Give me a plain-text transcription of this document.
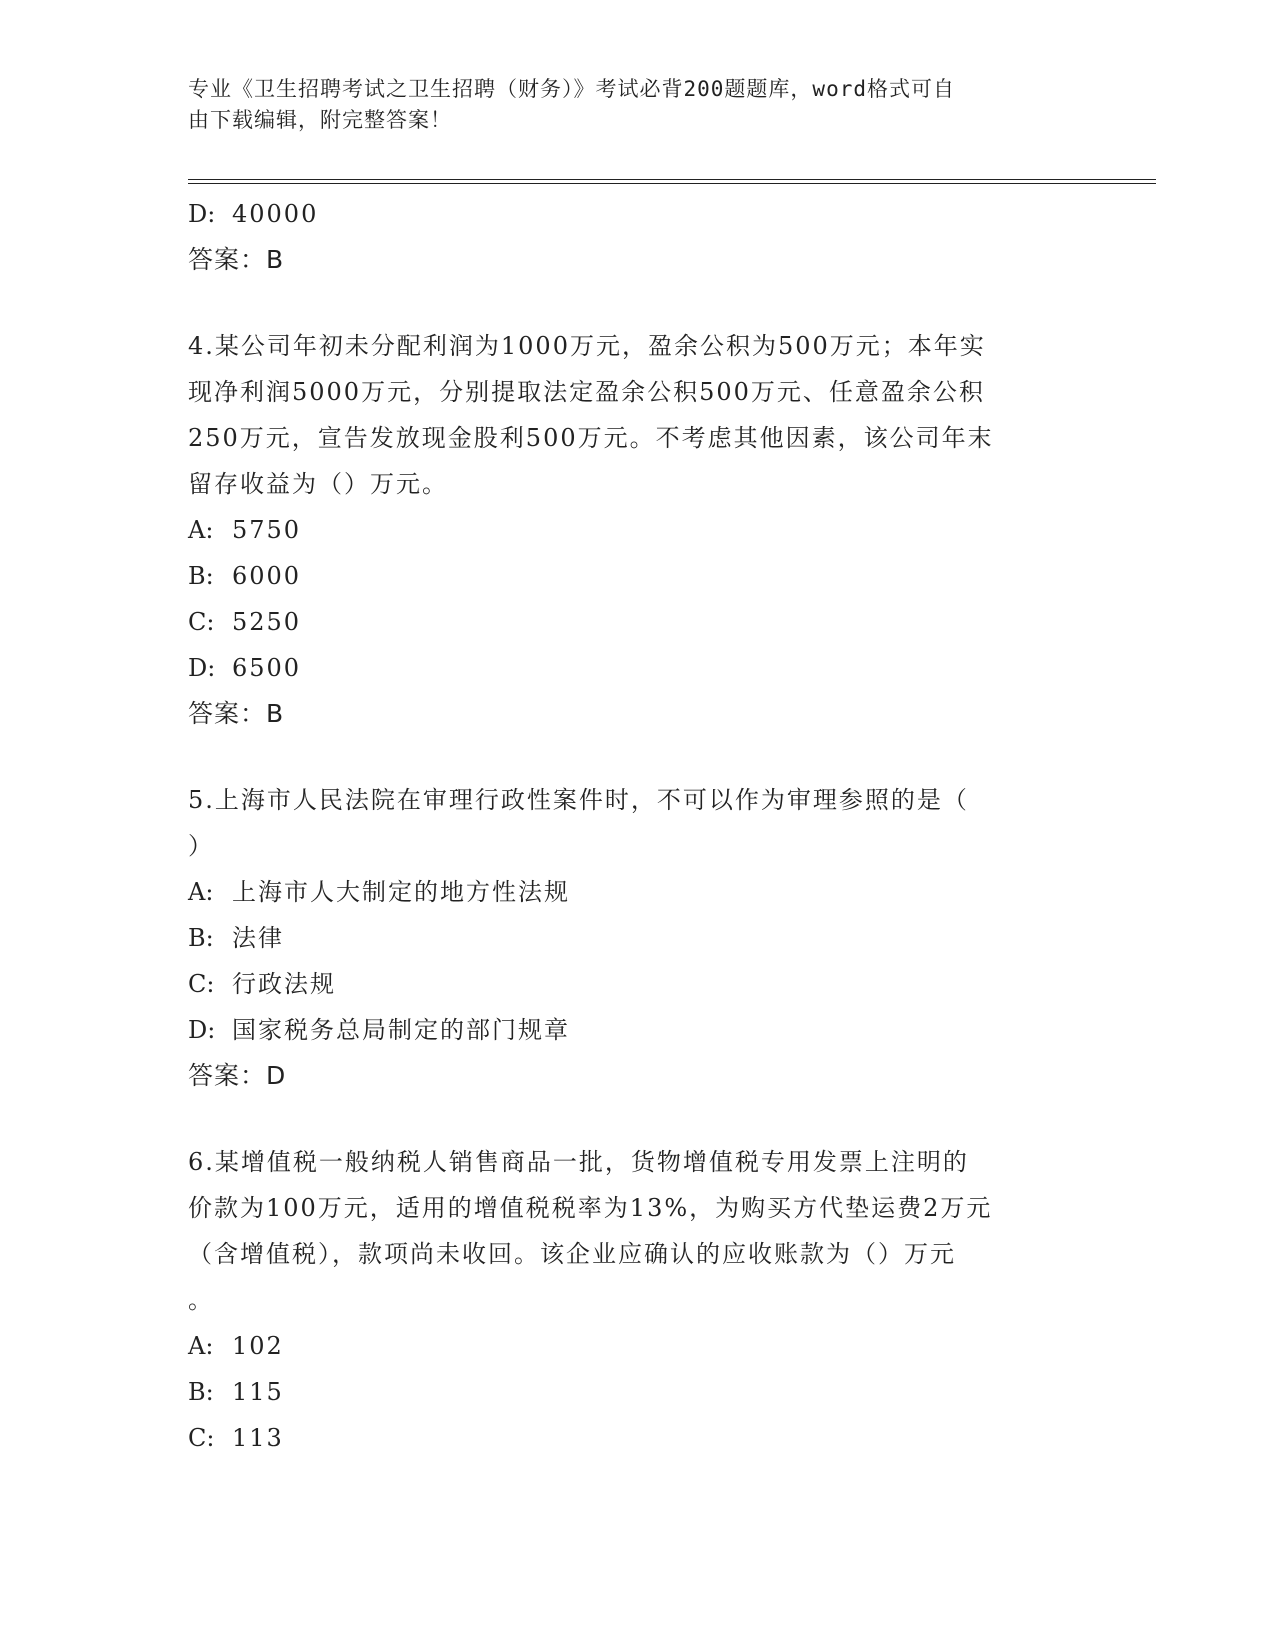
专业《卫生招聘考试之卫生招聘（财务）》考试必背200题题库，word格式可自
由下载编辑，附完整答案！
D: 40000
答案：B
4.某公司年初未分配利润为1000万元，盈余公积为500万元；本年实
现净利润5000万元，分别提取法定盈余公积500万元、任意盈余公积
250万元，宣告发放现金股利500万元。不考虑其他因素，该公司年末
留存收益为（）万元。
A: 5750
B: 6000
C: 5250
D: 6500
答案：B
5.上海市人民法院在审理行政性案件时，不可以作为审理参照的是（
）
A: 上海市人大制定的地方性法规
B: 法律
C: 行政法规
D: 国家税务总局制定的部门规章
答案：D
6.某增值税一般纳税人销售商品一批，货物增值税专用发票上注明的
价款为100万元，适用的增值税税率为13%，为购买方代垫运费2万元
（含增值税），款项尚未收回。该企业应确认的应收账款为（）万元
。
A: 102
B: 115
C: 113
